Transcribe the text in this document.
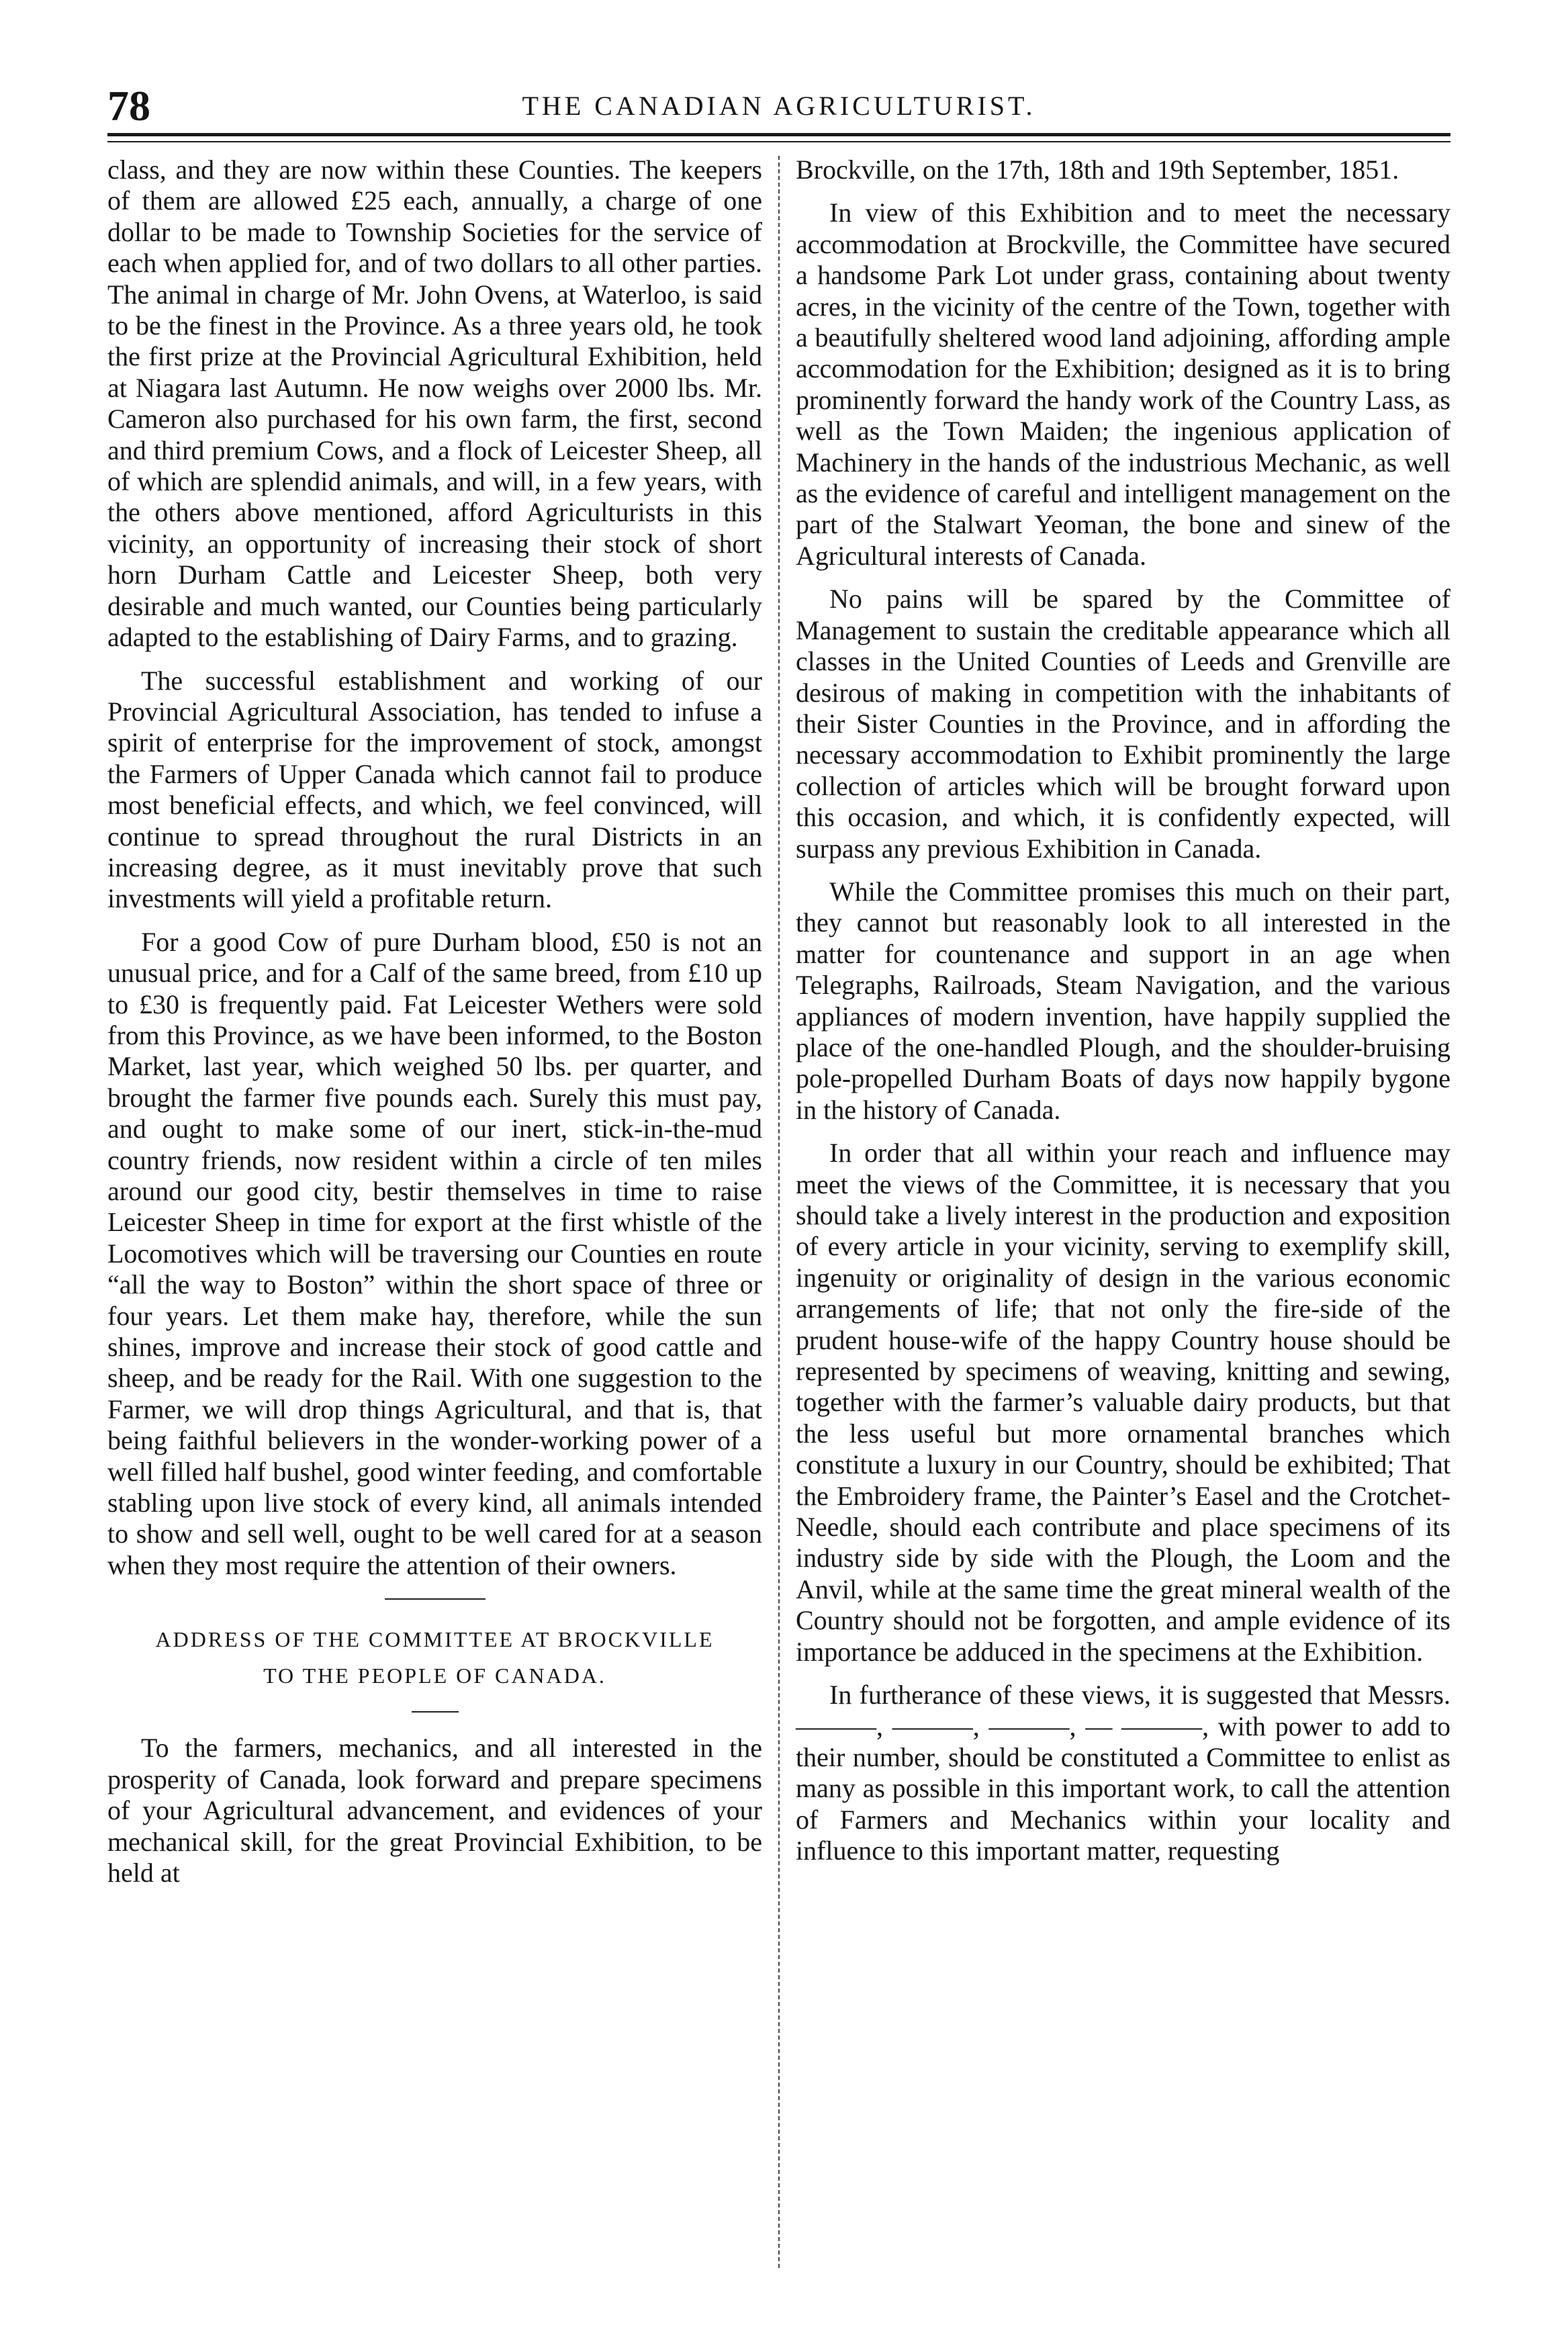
78	THE CANADIAN AGRICULTURIST.

class, and they are now within these Counties. The keepers of them are allowed £25 each, annually, a charge of one dollar to be made to Township Societies for the service of each when applied for, and of two dollars to all other parties. The animal in charge of Mr. John Ovens, at Waterloo, is said to be the finest in the Province. As a three years old, he took the first prize at the Provincial Agricultural Exhibition, held at Niagara last Autumn. He now weighs over 2000 lbs. Mr. Cameron also purchased for his own farm, the first, second and third premium Cows, and a flock of Leicester Sheep, all of which are splendid animals, and will, in a few years, with the others above mentioned, afford Agriculturists in this vicinity, an opportunity of increasing their stock of short horn Durham Cattle and Leicester Sheep, both very desirable and much wanted, our Counties being particularly adapted to the establishing of Dairy Farms, and to grazing.

The successful establishment and working of our Provincial Agricultural Association, has tended to infuse a spirit of enterprise for the improvement of stock, amongst the Farmers of Upper Canada which cannot fail to produce most beneficial effects, and which, we feel convinced, will continue to spread throughout the rural Districts in an increasing degree, as it must inevitably prove that such investments will yield a profitable return.

For a good Cow of pure Durham blood, £50 is not an unusual price, and for a Calf of the same breed, from £10 up to £30 is frequently paid. Fat Leicester Wethers were sold from this Province, as we have been informed, to the Boston Market, last year, which weighed 50 lbs. per quarter, and brought the farmer five pounds each. Surely this must pay, and ought to make some of our inert, stick-in-the-mud country friends, now resident within a circle of ten miles around our good city, bestir themselves in time to raise Leicester Sheep in time for export at the first whistle of the Locomotives which will be traversing our Counties en route “all the way to Boston” within the short space of three or four years. Let them make hay, therefore, while the sun shines, improve and increase their stock of good cattle and sheep, and be ready for the Rail. With one suggestion to the Farmer, we will drop things Agricultural, and that is, that being faithful believers in the wonder-working power of a well filled half bushel, good winter feeding, and comfortable stabling upon live stock of every kind, all animals intended to show and sell well, ought to be well cared for at a season when they most require the attention of their owners.

ADDRESS OF THE COMMITTEE AT BROCKVILLE
TO THE PEOPLE OF CANADA.

To the farmers, mechanics, and all interested in the prosperity of Canada, look forward and prepare specimens of your Agricultural advancement, and evidences of your mechanical skill, for the great Provincial Exhibition, to be held at

Brockville, on the 17th, 18th and 19th September, 1851.

In view of this Exhibition and to meet the necessary accommodation at Brockville, the Committee have secured a handsome Park Lot under grass, containing about twenty acres, in the vicinity of the centre of the Town, together with a beautifully sheltered wood land adjoining, affording ample accommodation for the Exhibition; designed as it is to bring prominently forward the handy work of the Country Lass, as well as the Town Maiden; the ingenious application of Machinery in the hands of the industrious Mechanic, as well as the evidence of careful and intelligent management on the part of the Stalwart Yeoman, the bone and sinew of the Agricultural interests of Canada.

No pains will be spared by the Committee of Management to sustain the creditable appearance which all classes in the United Counties of Leeds and Grenville are desirous of making in competition with the inhabitants of their Sister Counties in the Province, and in affording the necessary accommodation to Exhibit prominently the large collection of articles which will be brought forward upon this occasion, and which, it is confidently expected, will surpass any previous Exhibition in Canada.

While the Committee promises this much on their part, they cannot but reasonably look to all interested in the matter for countenance and support in an age when Telegraphs, Railroads, Steam Navigation, and the various appliances of modern invention, have happily supplied the place of the one-handled Plough, and the shoulder-bruising pole-propelled Durham Boats of days now happily bygone in the history of Canada.

In order that all within your reach and influence may meet the views of the Committee, it is necessary that you should take a lively interest in the production and exposition of every article in your vicinity, serving to exemplify skill, ingenuity or originality of design in the various economic arrangements of life; that not only the fire-side of the prudent house-wife of the happy Country house should be represented by specimens of weaving, knitting and sewing, together with the farmer’s valuable dairy products, but that the less useful but more ornamental branches which constitute a luxury in our Country, should be exhibited; That the Embroidery frame, the Painter’s Easel and the Crotchet-Needle, should each contribute and place specimens of its industry side by side with the Plough, the Loom and the Anvil, while at the same time the great mineral wealth of the Country should not be forgotten, and ample evidence of its importance be adduced in the specimens at the Exhibition.

In furtherance of these views, it is suggested that Messrs. ———, ———, ———, — ———, with power to add to their number, should be constituted a Committee to enlist as many as possible in this important work, to call the attention of Farmers and Mechanics within your locality and influence to this important matter, requesting
